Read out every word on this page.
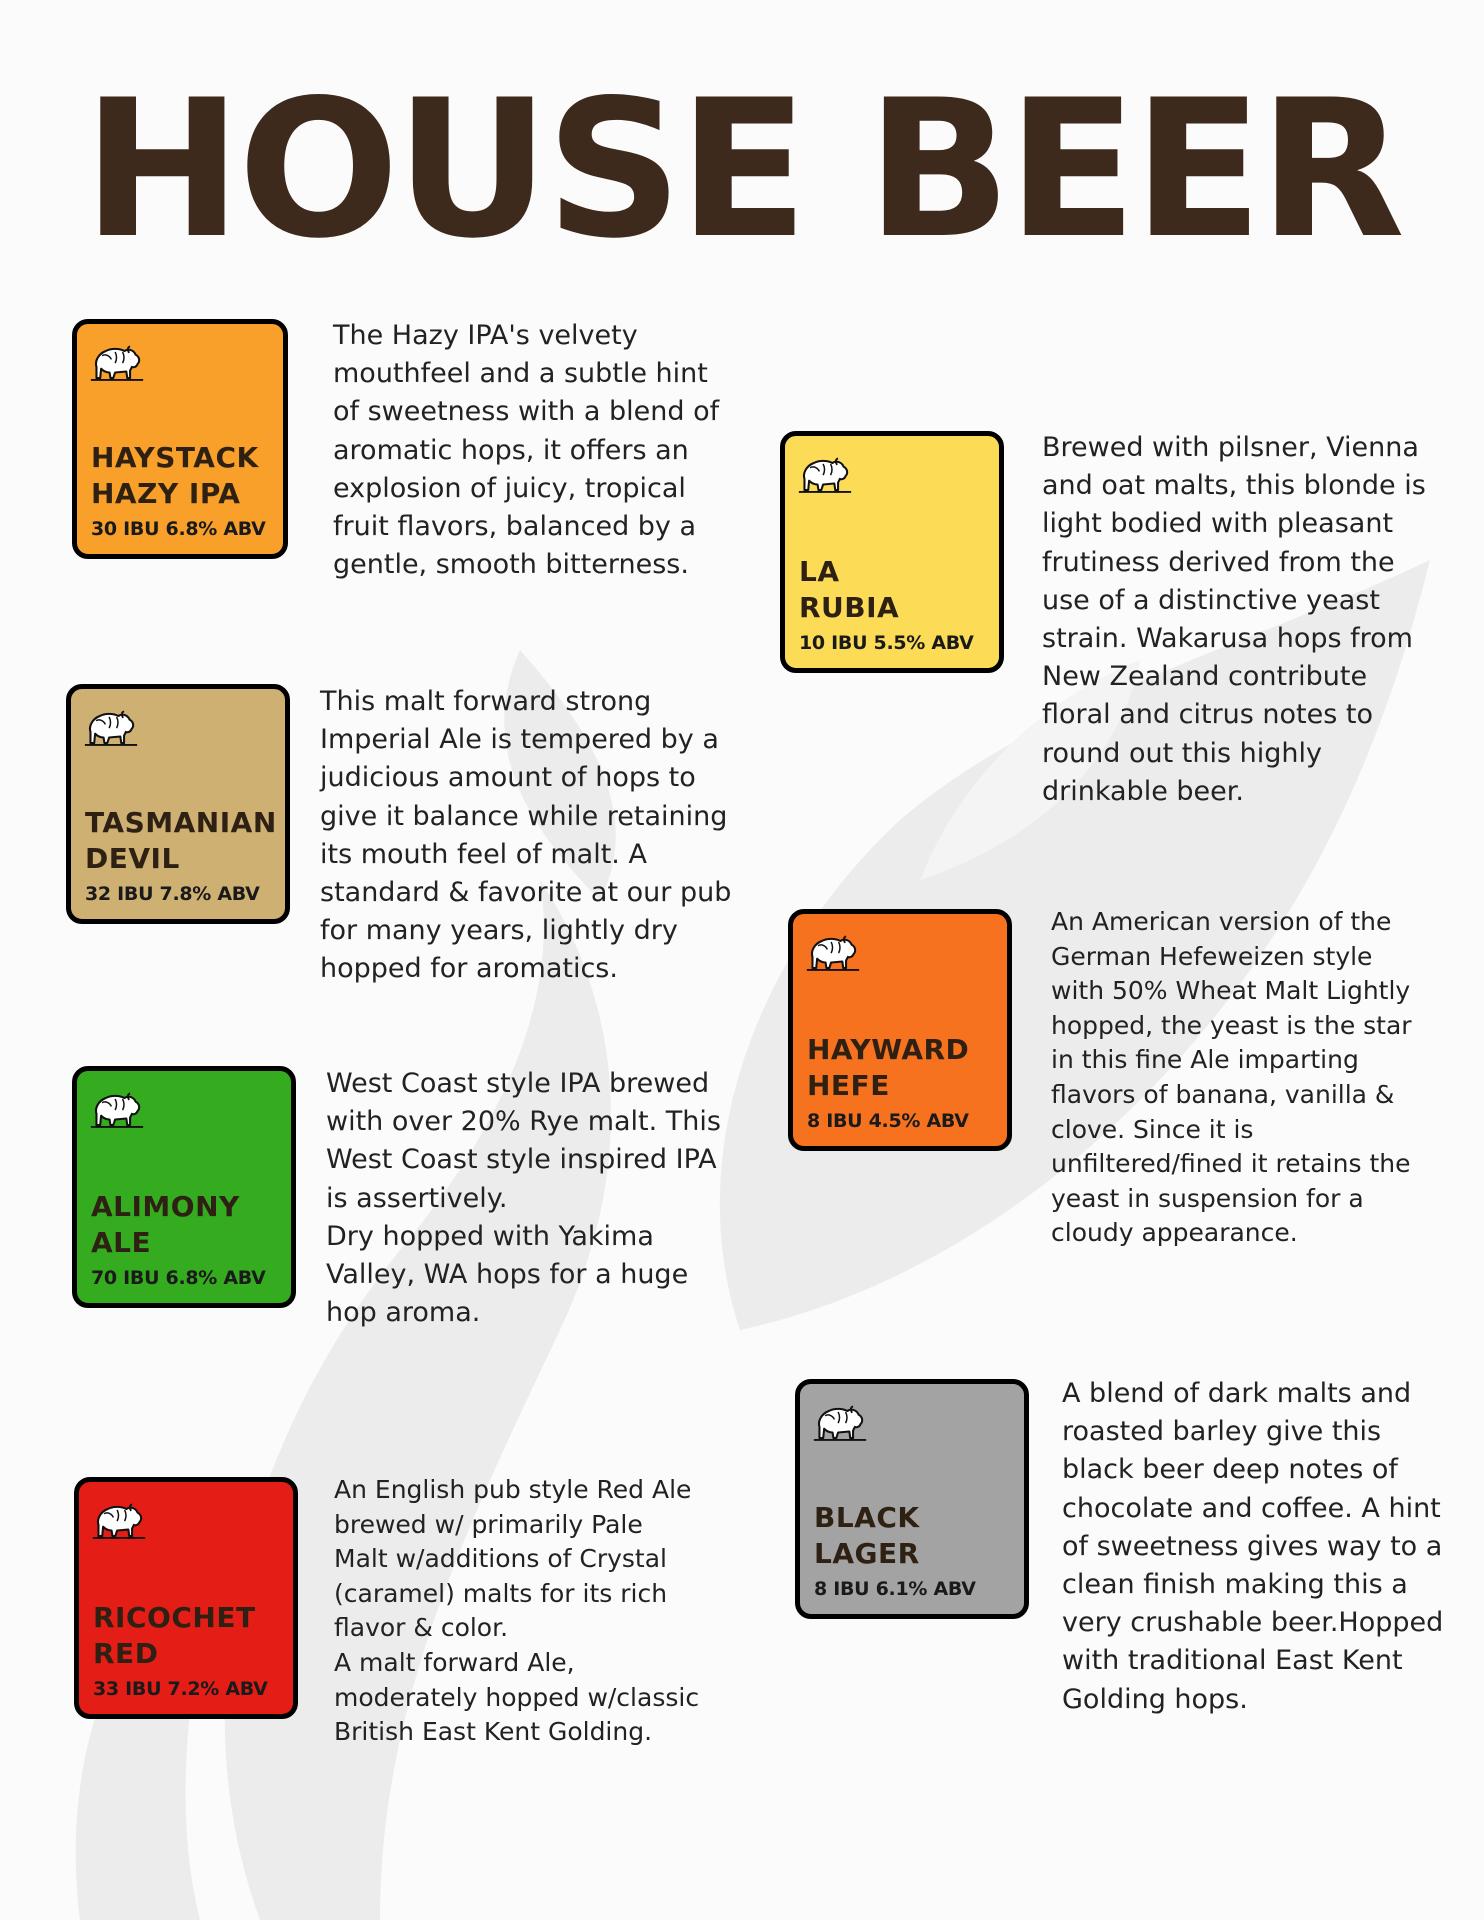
HOUSE BEER
HAYSTACK
HAZY IPA
30 IBU 6.8% ABV

The Hazy IPA's velvety
mouthfeel and a subtle hint
of sweetness with a blend of
aromatic hops, it offers an
explosion of juicy, tropical
fruit flavors, balanced by a
gentle, smooth bitterness.

TASMANIAN
DEVIL
32 IBU 7.8% ABV

This malt forward strong
Imperial Ale is tempered by a
judicious amount of hops to
give it balance while retaining
its mouth feel of malt. A
standard & favorite at our pub
for many years, lightly dry
hopped for aromatics.

ALIMONY
ALE
70 IBU 6.8% ABV

West Coast style IPA brewed
with over 20% Rye malt. This
West Coast style inspired IPA
is assertively.
Dry hopped with Yakima
Valley, WA hops for a huge
hop aroma.

RICOCHET
RED
33 IBU 7.2% ABV

An English pub style Red Ale
brewed w/ primarily Pale
Malt w/additions of Crystal
(caramel) malts for its rich
flavor & color.
A malt forward Ale,
moderately hopped w/classic
British East Kent Golding.

LA
RUBIA
10 IBU 5.5% ABV

Brewed with pilsner, Vienna
and oat malts, this blonde is
light bodied with pleasant
frutiness derived from the
use of a distinctive yeast
strain. Wakarusa hops from
New Zealand contribute
floral and citrus notes to
round out this highly
drinkable beer.

HAYWARD
HEFE
8 IBU 4.5% ABV

An American version of the
German Hefeweizen style
with 50% Wheat Malt Lightly
hopped, the yeast is the star
in this fine Ale imparting
flavors of banana, vanilla &
clove. Since it is
unfiltered/fined it retains the
yeast in suspension for a
cloudy appearance.

BLACK
LAGER
8 IBU 6.1% ABV

A blend of dark malts and
roasted barley give this
black beer deep notes of
chocolate and coffee. A hint
of sweetness gives way to a
clean finish making this a
very crushable beer.Hopped
with traditional East Kent
Golding hops.
